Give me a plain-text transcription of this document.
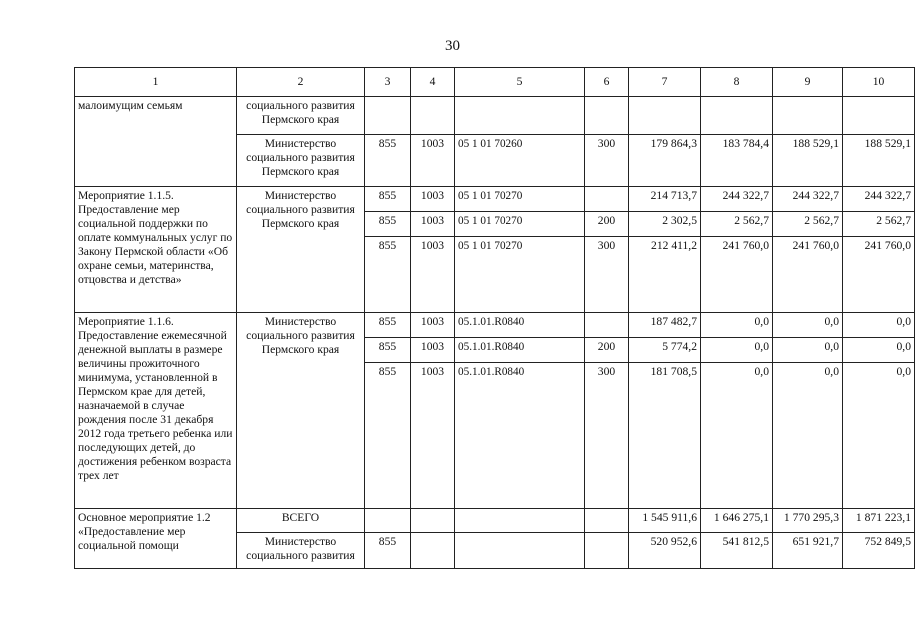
30
1	2	3	4	5	6	7	8	9	10
малоимущим семьям	социального развития Пермского края								
	Министерство социального развития Пермского края	855	1003	05 1 01 70260	300	179 864,3	183 784,4	188 529,1	188 529,1
Мероприятие 1.1.5. Предоставление мер социальной поддержки по оплате коммунальных услуг по Закону Пермской области «Об охране семьи, материнства, отцовства и детства»	Министерство социального развития Пермского края	855	1003	05 1 01 70270		214 713,7	244 322,7	244 322,7	244 322,7
		855	1003	05 1 01 70270	200	2 302,5	2 562,7	2 562,7	2 562,7
		855	1003	05 1 01 70270	300	212 411,2	241 760,0	241 760,0	241 760,0
Мероприятие 1.1.6. Предоставление ежемесячной денежной выплаты в размере величины прожиточного минимума, установленной в Пермском крае для детей, назначаемой в случае рождения после 31 декабря 2012 года третьего ребенка или последующих детей, до достижения ребенком возраста трех лет	Министерство социального развития Пермского края	855	1003	05.1.01.R0840		187 482,7	0,0	0,0	0,0
		855	1003	05.1.01.R0840	200	5 774,2	0,0	0,0	0,0
		855	1003	05.1.01.R0840	300	181 708,5	0,0	0,0	0,0
Основное мероприятие 1.2 «Предоставление мер социальной помощи	ВСЕГО					1 545 911,6	1 646 275,1	1 770 295,3	1 871 223,1
	Министерство социального развития	855				520 952,6	541 812,5	651 921,7	752 849,5
